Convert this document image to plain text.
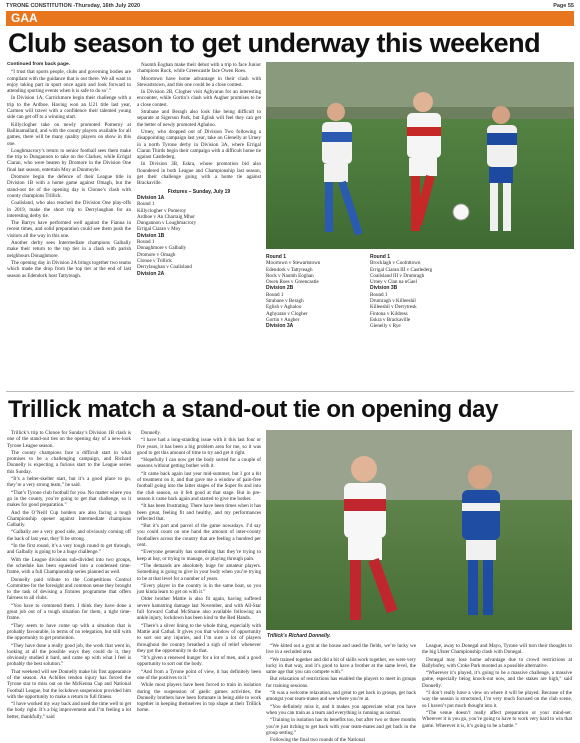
TYRONE CONSTITUTION -Thursday, 16th July 2020	Page 55
GAA
Club season to get underway this weekend

Continued from back page.

“I trust that sports people, clubs and governing bodies are compliant with the guidance that is out there. We all want to enjoy taking part in sport once again and look forward to attending sporting events when it is safe to do so’.”

In Division 1A, Carrickmore begin their challenge with a trip to the Ardboe. Having won an U21 title last year, Carmen will travel with a confidence their talented young side can get off to a winning start.

Killyclogher take on newly promoted Pomeroy at Ballinamallard, and with the county players available for all games, there will be many quality players on show in this one.

Loughmacrory’s return to senior football sees them make the trip to Dungannon to take on the Clarkes, while Errigal Ciaran, who were beaten by Dromore in the Division One final last season, entertain Moy at Dunmoyle.

Dromore begin the defence of their League title in Division 1B with a home game against Omagh, but the stand-out tie of the opening day is Clonoe’s clash with county champions Trillick.

Coalisland, who also reached the Division One play-offs in 2019, make the short trip to Derrylaughan for an interesting derby tie.

The Barrys have performed well against the Fianna in recent times, and solid preparation could see them push the visitors all the way in this one.

Another derby sees Intermediate champions Galbally make their return to the top tier in a clash with parish neighbours Donaghmore.

The opening day in Division 2A brings together two teams which made the drop from the top tier at the end of last season as Edendork host Tattyreagh.

Naomh Eoghan make their debut with a trip to face Junior champions Rock, while Greencastle face Owen Roes.

Moortown have home advantage in their clash with Stewartstown, and this one could be a close contest.

In Division 2B, Clogher visit Aghyaran for an interesting encounter, while Gortin’s clash with Augher promises to be a close contest.

Strabane and Beragh also look like being difficult to separate at Sigerson Park, but Eglish will feel they can get the better of newly promoted Aghaloo.

Urney, who dropped out of Division Two following a disappointing campaign last year, take on Glenelly at Urney in a north Tyrone derby in Division 3A, where Errigal Ciaran Thirds begin their campaign with a difficult home tie against Castlederg.

In Division 3B, Eskra, whose promotion bid also floundered in both League and Championship last season, get their challenge going with a home tie against Brackaville.

Fixtures – Sunday, July 19
Division 1A
Round 1
Killyclogher v Pomeroy
Ardboe v An Charraig Mhor
Dungannon v Loughmacrory
Errigal Ciaran v Moy
Division 1B
Round 1
Donaghmore v Galbally
Dromore v Omagh
Clonoe v Trillick
Derrylaughan v Coalisland
Division 2A
Round 1
Moortown v Stewartstown
Edendork v Tattyreagh
Rock v Naomh Eoghan
Owen Roes v Greencastle
Division 2B
Round 1
Strabane v Beragh
Eglish v Aghaloo
Aghyaran v Clogher
Gortin v Augher
Division 3A
Round 1
Brocklagh v Coolnttown
Errigal Ciaran III v Castlederg
Coalisland III v Drumragh
Urney v Clan na nGael
Division 3B
Round 1
Drumragh v Killeeshil
Killeeshil v Derrytresk
Fintona v Kildress
Eskra v Brackaville
Glenelly v Rye
Trillick match a stand-out tie on opening day

Trillick’s trip to Clonoe for Sunday’s Division 1B clash is one of the stand-out ties on the opening day of a new-look Tyrone League season.

The county champions face a difficult start in what promises to be a challenging campaign, and Richard Donnelly is expecting a furious start to the League series this Sunday.

“It’s a helter-skelter start, but it’s a good place to go, they’re a very strong team,” he said.

“That’s Tyrone club football for you. No matter where you go in the county, you’re going to get that challenge, so it makes for good preparation.”

And the O’Neill Cup holders are also facing a tough Championship opener against Intermediate champions Galbally.

“Galbally are a very good side, and obviously coming off the back of last year, they’ll be strong.

“In the first round, it’s a very tough round to get through, and Galbally is going to be a huge challenge.”

With the League divisions sub-divided into two groups, the schedule has been squeezed into a condensed time-frame, with a full Championship series planned as well.

Donnelly paid tribute to the Competitions Control Committee for the foresight and common sense they brought to the task of devising a fixtures programme that offers fairness to all clubs.

“You have to commend them. I think they have done a great job out of a tough situation for them, a tight time-frame.

“They seem to have come up with a situation that is probably favourable, in terms of no relegation, but still with the opportunity to get promotion.

“They have done a really good job, the work that went in, looking at all the possible ways they could do it, they obviously studied it hard, and came up with what I feel is probably the best solution.”

That weekend will see Donnelly make his first appearance of the season. An Achilles tendon injury has forced the Tyrone star to miss out on the McKenna Cup and National Football League, but the lockdown suspension provided him with the opportunity to make a return to full fitness.

“I have worked my way back and used the time well to get the body right. It’s a big improvement and I’m feeling a lot better, thankfully,” said

Donnelly.

“I have had a long-standing issue with it this last four or five years, it has been a big problem area for me, so it was good to get this amount of time to try and get it right.

“Hopefully I can now get the body sorted for a couple of seasons without getting bother with it.

“It came back again last year mid-summer, but I got a bit of treatment on it, and that gave me a window of pain-free football going into the latter stages of the Super 8s and into the club season, so it felt good at that stage. But in pre-season it came back again and started to give me bother.

“It has been frustrating. There have been times when it has been great, feeling fit and healthy, and my performances reflected that.

“But it’s part and parcel of the game nowadays. I’d say you could count on one hand the amount of inter-county footballers across the country that are feeling a hundred per cent.

“Everyone generally has something that they’re trying to keep at bay, or trying to manage, or playing through pain.

“The demands are absolutely huge for amateur players. Something is going to give in your body when you’re trying to be at that level for a number of years.

“Every player in the country is in the same boat, so you just kinda learn to get on with it.”

Older brother Mattie is also fit again, having suffered severe hamstring damage last November, and with All-Star full forward Cathal McShane also available following an ankle injury, lockdown has been kind to the Red Hands.

“There’s a silver lining to the whole thing, especially with Mattie and Cathal. It gives you that window of opportunity to sort out any injuries, and I’m sure a lot of players throughout the country breathed a sigh of relief whenever they got the opportunity to do that.

“It’s given a renewed hunger for a lot of men, and a good opportunity to sort out the body.

“And from a Tyrone point of view, it has definitely been one of the positives to it.”

While most players have been forced to train in isolation during the suspension of gaelic games activities, the Donnelly brothers have been fortunate in being able to work together in keeping themselves in top shape at their Trillick home.

Trillick’s Richard Donnelly.

“We kitted out a gym at the house and used the fields, we’re lucky we live in a secluded area.

“We trained together and did a bit of skills work together, we were very lucky in that way, and it’s good to have a brother at the same level, the same age that you can compete with.”

But relaxation of restrictions has enabled the players to meet in groups for training sessions.

“It was a welcome relaxation, and great to get back in groups, get back amongst your team-mates and see where you’re at.

“You definitely miss it, and it makes you appreciate what you have when you can train as a team and everything is running as normal.

“Training in isolation has its benefits too, but after two or three months you’re just itching to get back with your team-mates and get back in the group setting.”

Following the final two rounds of the National

League, away to Donegal and Mayo, Tyrone will turn their thoughts to the big Ulster Championship clash with Donegal.

Donegal may lose home advantage due to crowd restrictions at Ballybofey, with Croke Park mooted as a possible alternative.

“Wherever it’s played, it’s going to be a massive challenge, a massive game, especially being knock-out now, and the stakes are high,” said Donnelly.

“I don’t really have a view on where it will be played. Because of the way the season is structured, I’m very much focused on the club scene, so I haven’t put much thought into it.

“The venue doesn’t really affect preparation or your mind-set. Wherever it is you go, you’re going to have to work very hard to win that game. Wherever it is, it’s going to be a battle.”
